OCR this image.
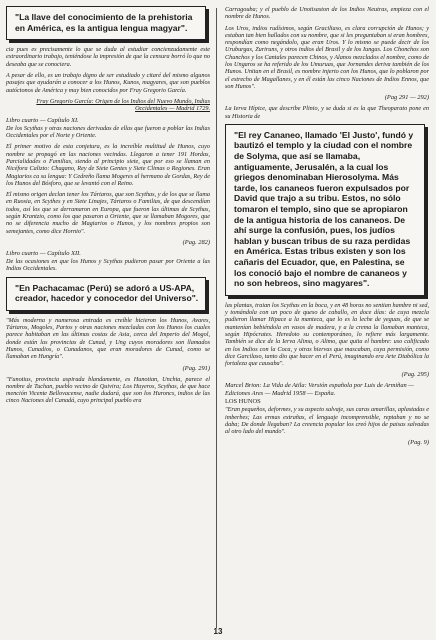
"La llave del conocimiento de la prehistoria en América, es la antigua lengua magyar".

cia pues es precisamente lo que se duda al estudiar concienzudamente este extraordinario trabajo, teniéndose la impresión de que la censura borró lo que no deseaba que se conociera.

A pesar de ello, es un trabajo digno de ser estudiado y citaré del mismo algunos pasajes que ayudarán a conocer a los Hunos, Kunos, magyares, que son pueblos autóctonos de América y muy bien conocidos por Fray Gregorio García.

Fray Gregorio García: Origen de los Indios del Nuevo Mundo, Indias Occidentales — Madrid 1729.

Libro cuarto — Capítulo XI.

De los Scythas y otras naciones derivadas de ellas que fueron a poblar las Indias Occidentales por el Norte y Oriente.

El primer motivo de esta conjetura, es la increíble multitud de Hunos, cuyo nombre se propagó en las naciones vecindas. Llegaron a tener 191 Hordas, Parcialidades o Familias, siendo al principio siete, que por eso se llaman en Nicéfora Calizto: Chagano, Rey de Siete Gentes y Siete Climas o Regiones. Eran Magiarios ca su lengua: Y Cedreño llama Mogeres al hermano de Gordas, Rey de los Hunos del Bósforo, que se levantó con el Reino.

El mismo origen declan tener los Tártaros, que son Scythas, y de los que se llama en Ruosia, en Scythes y en Siete Linajes, Tártaros o Familias, de que descendían todos, así los que se derramaron en Europa, que fueron las últimas de Scythas, según Krantzio, como los que pasaron a Oriente, que se llamaban Mogores, que no se diferencia mucho de Magiarios o Hunos, y los nombres propios son semejantes, como dice Hornio".

(Pag. 282)

Libro cuarto — Capítulo XII.

De las ocasiones en que los Hunos y Scythas pudieron pasar por Oriente a las Indias Occidentales.

"En Pachacamac (Perú) se adoró a US-APA, creador, hacedor y conocedor del Universo".

"Más moderna y numerosa entrada es creíble hicieron los Hunos, Avares, Tártaros, Mogoles, Partos y otras naciones mezcladas con los Hunos los cuales parece habitaban en las últimas costas de Asia, cerca del Imperio del Mogol, donde están las provincias de Cunad, y Ung cuyos moradores son llamados Hunos, Cunadios, o Cunadanos, que eran moradores de Cunad, como se llamaban en Hungría".

(Pag. 291)

"Funotius, provincia aspirada blandamente, es Hunotian, Unchia, parece el nombre de Tuchan, pueblo vecino de Quivira; Los Huyeros, Scythas, de que hace mención Vicente Bellovacense, nadie dudará, que son los Huroncs, indios de las cinco Naciones del Canadá, cuyo principal pueblo era

Carragouba; y el pueblo de Unotisaston de los Indios Neutras, empieza con el nombre de Hunos.

Los Uros, indios rudísimos, según Graciliaso, es clara corrupción de Hunos; y estaban tan bien hallados con su nombre, que si les preguntaban si eran hombres, respondían como negándolo, que eran Uros. Y lo mismo se puede decir de los Uruburgas, Zuriruns, y otros indios del Brasil y de los Iungas. Los Chonchos son Chunchos y los Cantales parecen Chinos, y Alanos mezclados el nombre, como de los Ungaros se ha referido de los Umuruas, que Jornandes deriva también de los Hunos. Unitan en el Brasil, es nombre injerto con los Hunos, que lo poblaron por el estrecho de Magallanes, y en él están las cinco Naciones de Indios Ennos, que son Hunos".

(Pag 291 — 292)

La Ierva Hípice, que describe Plinio, y se duda si es la que Theoparato pone en su Historia de

"El rey Cananeo, llamado 'El Justo', fundó y bautizó el templo y la ciudad con el nombre de Solyma, que así se llamaba, antiguamente, Jerusalén, a la cual los griegos denominaban Hierosolyma. Más tarde, los cananeos fueron expulsados por David que trajo a su tribu. Estos, no sólo tomaron el templo, sino que se apropiaron de la antigua historia de los cananeos. De ahí surge la confusión, pues, los judíos hablan y buscan tribus de su raza perdidas en América. Estas tribus existen y son los cañaris del Ecuador, que, en Palestina, se los conoció bajo el nombre de cananeos y no son hebreos, sino magyares".

las plantas, traian los Scythas en la boca, y en 48 horas no sentian hambre ni sed, y tomándola con un poco de queso de caballo, en doce días: de cuya mezcla pudieron llamar Hipace a la manteca, que lo es la leche de yeguas, de que se mantenían bebiéndola en vasos de madera, y a la crema la llamaban manteca, según Hipócrates. Heredoto su contemporáneo, lo refiere más largamente. También se dice de la Ierva Alima, o Alimo, que quita el hambre: uso calificado en los Indios con la Coca, y otras hiervas que mascaban, cuya permisión, como dice Garcilaso, tanto dio que hacer en el Perú, imaginando era Arte Diabólica la fortaleza que causaba".

(Pag. 295)

Marcel Brion: La Vida de Atila: Versión española por Luis de Armiñan — Ediciones Ares — Madrid 1958 — España.

LOS HUNOS

"Eran pequeños, deformes, y su aspecto salvaje, sus caras amarillas, aplastadas e imberbes; Las ermas extrañas, el lenguaje incomprensible, reptaban y no se daba; De donde llegaban? La creencia popular los creó hijos de paisas salvadas al otro lado del mundo".

(Pag. 9)

13
